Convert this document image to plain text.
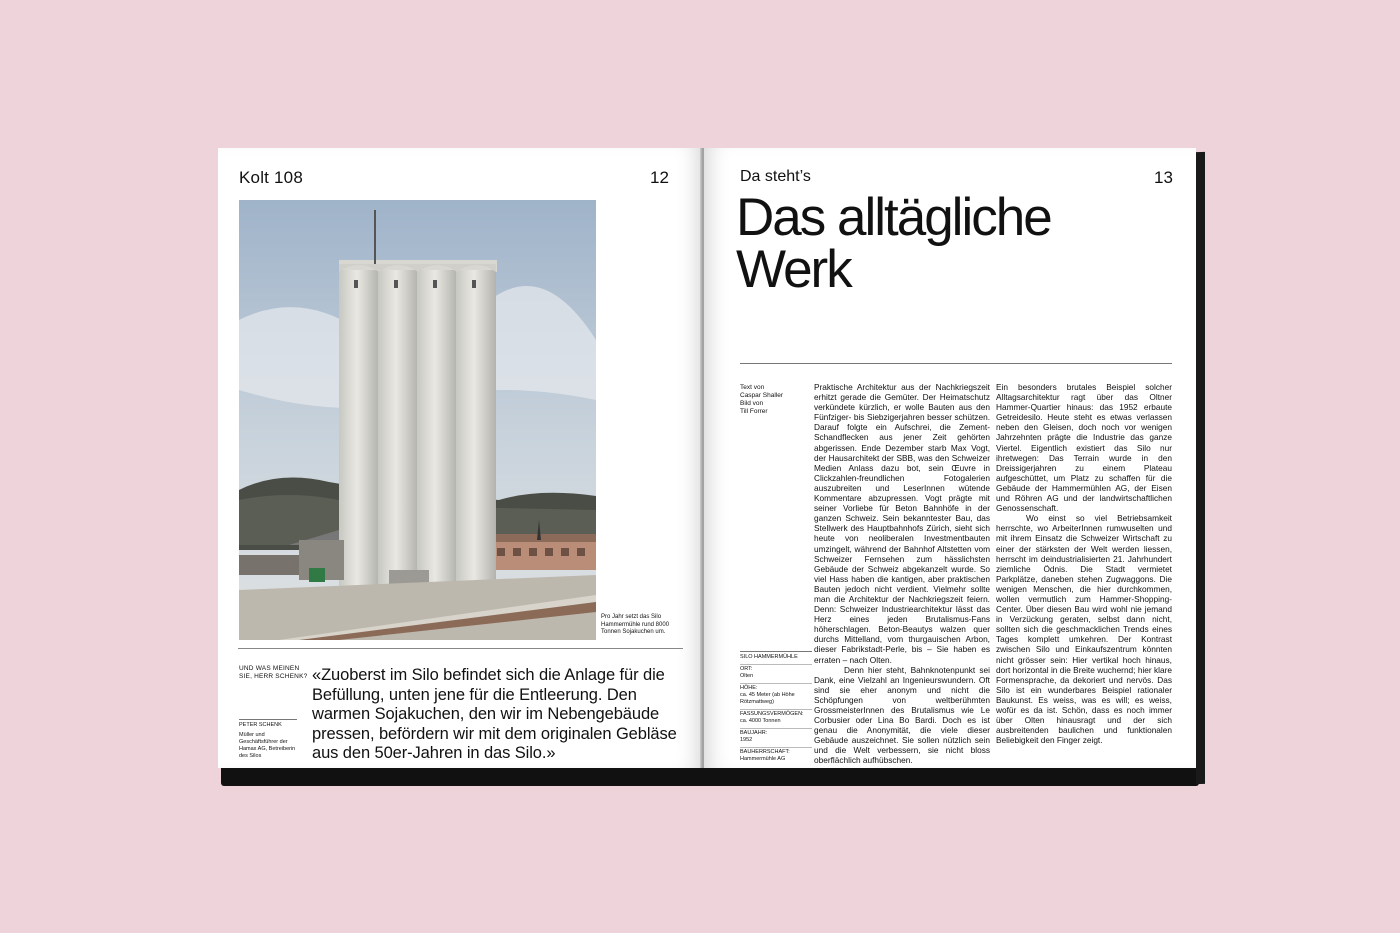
Kolt 108	12
Pro Jahr setzt das Silo Hammermühle rund 8000 Tonnen Sojakuchen um.
UND WAS MEINEN SIE, HERR SCHENK?
PETER SCHENK
Müller und Geschäftsführer der Hamax AG, Betreiberin des Silos
«Zuoberst im Silo befindet sich die Anlage für die Befüllung, unten jene für die Entleerung. Den warmen Sojakuchen, den wir im Nebengebäude pressen, befördern wir mit dem originalen Gebläse aus den 50er-Jahren in das Silo.»
Da steht’s	13
Das alltägliche
Werk
Text von
Caspar Shaller
Bild von
Till Forrer
SILO HAMMERMÜHLE
ORT:
Olten
HÖHE:
ca. 45 Meter (ab Höhe Rötzmattweg)
FASSUNGSVERMÖGEN:
ca. 4000 Tonnen
BAUJAHR:
1952
BAUHERRSCHAFT:
Hammermühle AG

Praktische Architektur aus der Nachkriegszeit erhitzt gerade die Gemüter. Der Heimatschutz verkündete kürzlich, er wolle Bauten aus den Fünfziger- bis Siebzigerjahren besser schützen. Darauf folgte ein Aufschrei, die Zement-Schandflecken aus jener Zeit gehörten abgerissen. Ende Dezember starb Max Vogt, der Hausarchitekt der SBB, was den Schweizer Medien Anlass dazu bot, sein Œuvre in Clickzahlen-freundlichen Fotogalerien auszubreiten und LeserInnen wütende Kommentare abzupressen. Vogt prägte mit seiner Vorliebe für Beton Bahnhöfe in der ganzen Schweiz. Sein bekanntester Bau, das Stellwerk des Hauptbahnhofs Zürich, sieht sich heute von neoliberalen Investmentbauten umzingelt, während der Bahnhof Altstetten vom Schweizer Fernsehen zum hässlichsten Gebäude der Schweiz abgekanzelt wurde. So viel Hass haben die kantigen, aber praktischen Bauten jedoch nicht verdient. Vielmehr sollte man die Architektur der Nachkriegszeit feiern. Denn: Schweizer Industriearchitektur lässt das Herz eines jeden Brutalismus-Fans höherschlagen. Beton-Beautys walzen quer durchs Mittelland, vom thurgauischen Arbon, dieser Fabrikstadt-Perle, bis – Sie haben es erraten – nach Olten.

Denn hier steht, Bahnknotenpunkt sei Dank, eine Vielzahl an Ingenieurswundern. Oft sind sie eher anonym und nicht die Schöpfungen von weltberühmten GrossmeisterInnen des Brutalismus wie Le Corbusier oder Lina Bo Bardi. Doch es ist genau die Anonymität, die viele dieser Gebäude auszeichnet. Sie sollen nützlich sein und die Welt verbessern, sie nicht bloss oberflächlich aufhübschen.

Ein besonders brutales Beispiel solcher Alltagsarchitektur ragt über das Oltner Hammer-Quartier hinaus: das 1952 erbaute Getreidesilo. Heute steht es etwas verlassen neben den Gleisen, doch noch vor wenigen Jahrzehnten prägte die Industrie das ganze Viertel. Eigentlich existiert das Silo nur ihretwegen: Das Terrain wurde in den Dreissigerjahren zu einem Plateau aufgeschüttet, um Platz zu schaffen für die Gebäude der Hammermühlen AG, der Eisen und Röhren AG und der landwirtschaftlichen Genossenschaft.

Wo einst so viel Betriebsamkeit herrschte, wo ArbeiterInnen rumwuselten und mit ihrem Einsatz die Schweizer Wirtschaft zu einer der stärksten der Welt werden liessen, herrscht im deindustrialisierten 21. Jahrhundert ziemliche Ödnis. Die Stadt vermietet Parkplätze, daneben stehen Zugwaggons. Die wenigen Menschen, die hier durchkommen, wollen vermutlich zum Hammer-Shopping-Center. Über diesen Bau wird wohl nie jemand in Verzückung geraten, selbst dann nicht, sollten sich die geschmacklichen Trends eines Tages komplett umkehren. Der Kontrast zwischen Silo und Einkaufszentrum könnten nicht grösser sein: Hier vertikal hoch hinaus, dort horizontal in die Breite wuchernd; hier klare Formensprache, da dekoriert und nervös. Das Silo ist ein wunderbares Beispiel rationaler Baukunst. Es weiss, was es will; es weiss, wofür es da ist. Schön, dass es noch immer über Olten hinausragt und der sich ausbreitenden baulichen und funktionalen Beliebigkeit den Finger zeigt.
